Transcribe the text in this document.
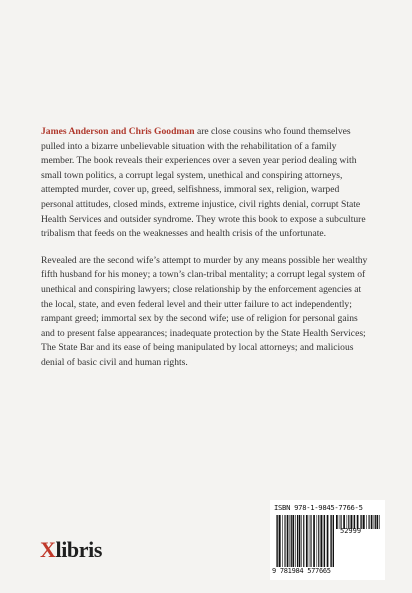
James Anderson and Chris Goodman are close cousins who found themselves pulled into a bizarre unbelievable situation with the rehabilitation of a family member. The book reveals their experiences over a seven year period dealing with small town politics, a corrupt legal system, unethical and conspiring attorneys, attempted murder, cover up, greed, selfishness, immoral sex, religion, warped personal attitudes, closed minds, extreme injustice, civil rights denial, corrupt State Health Services and outsider syndrome. They wrote this book to expose a subculture tribalism that feeds on the weaknesses and health crisis of the unfortunate.

Revealed are the second wife’s attempt to murder by any means possible her wealthy fifth husband for his money; a town’s clan-tribal mentality; a corrupt legal system of unethical and conspiring lawyers; close relationship by the enforcement agencies at the local, state, and even federal level and their utter failure to act independently; rampant greed; immortal sex by the second wife; use of religion for personal gains and to present false appearances; inadequate protection by the State Health Services; The State Bar and its ease of being manipulated by local attorneys; and malicious denial of basic civil and human rights.

Xlibris
ISBN 978-1-9845-7766-5
52999
9 781984 577665
